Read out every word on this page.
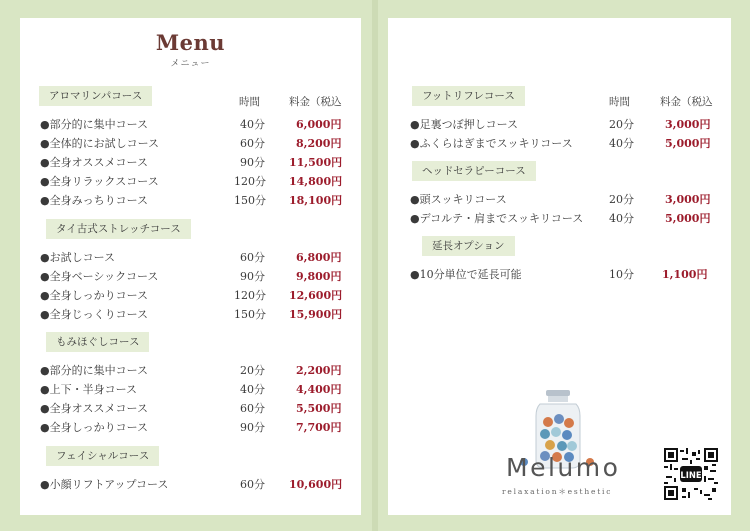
Menu
メニュー
時間	料金（税込
アロマリンパコース
●部分的に集中コース	40分	6,000円
●全体的にお試しコース	60分	8,200円
●全身オススメコース	90分 11,500円
●全身リラックスコース	120分 14,800円
●全身みっちりコース	150分 18,100円
タイ古式ストレッチコース
●お試しコース	60分	6,800円
●全身ベーシックコース	90分	9,800円
●全身しっかりコース	120分 12,600円
●全身じっくりコース	150分 15,900円
もみほぐしコース
●部分的に集中コース	20分	2,200円
●上下・半身コース	40分	4,400円
●全身オススメコース	60分	5,500円
●全身しっかりコース	90分	7,700円
フェイシャルコース
●小顔リフトアップコース	60分 10,600円
時間	料金（税込
フットリフレコース
●足裏つぼ押しコース	20分	3,000円
●ふくらはぎまでスッキリコース	40分	5,000円
ヘッドセラピーコース
●頭スッキリコース	20分	3,000円
●デコルテ・肩までスッキリコース 40分	5,000円
延長オプション
●10分単位で延長可能	10分	1,100円
Melumo
relaxation＊esthetic
LINE
